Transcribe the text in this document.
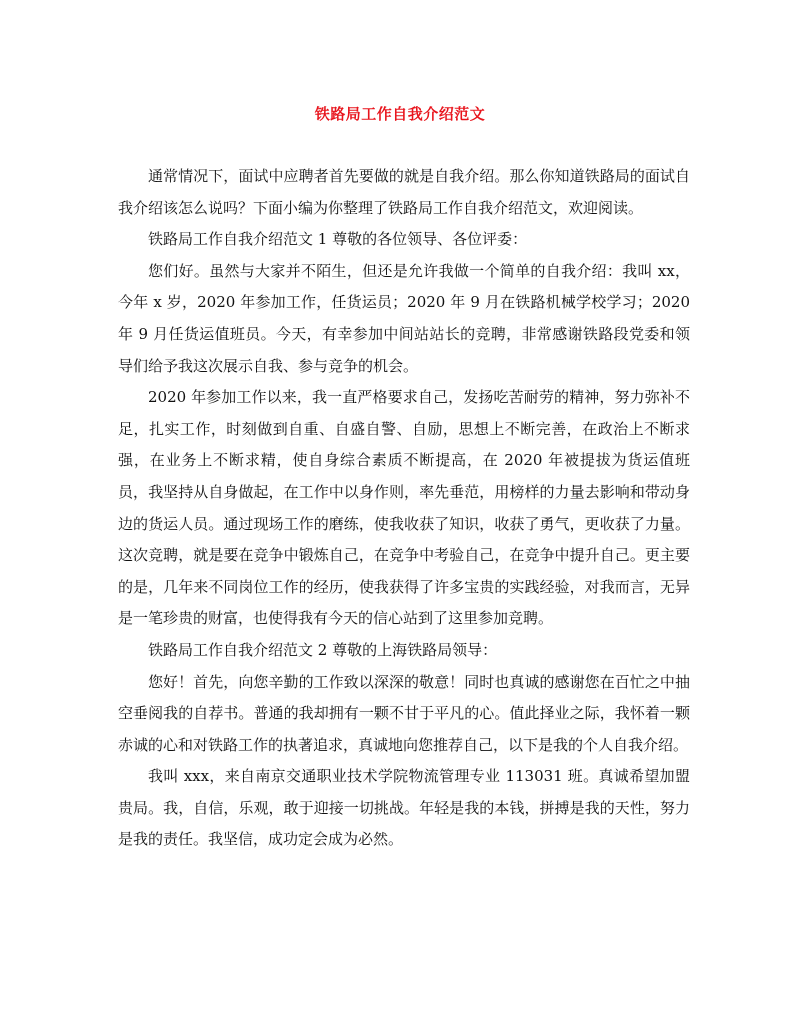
铁路局工作自我介绍范文

通常情况下，面试中应聘者首先要做的就是自我介绍。那么你知道铁路局的面试自我介绍该怎么说吗？下面小编为你整理了铁路局工作自我介绍范文，欢迎阅读。

铁路局工作自我介绍范文 1 尊敬的各位领导、各位评委：

您们好。虽然与大家并不陌生，但还是允许我做一个简单的自我介绍：我叫 xx，今年 x 岁，2020 年参加工作，任货运员；2020 年 9 月在铁路机械学校学习；2020 年 9 月任货运值班员。今天，有幸参加中间站站长的竞聘，非常感谢铁路段党委和领导们给予我这次展示自我、参与竞争的机会。

2020 年参加工作以来，我一直严格要求自己，发扬吃苦耐劳的精神，努力弥补不足，扎实工作，时刻做到自重、自盛自警、自励，思想上不断完善，在政治上不断求强，在业务上不断求精，使自身综合素质不断提高，在 2020 年被提拔为货运值班员，我坚持从自身做起，在工作中以身作则，率先垂范，用榜样的力量去影响和带动身边的货运人员。通过现场工作的磨练，使我收获了知识，收获了勇气，更收获了力量。这次竞聘，就是要在竞争中锻炼自己，在竞争中考验自己，在竞争中提升自己。更主要的是，几年来不同岗位工作的经历，使我获得了许多宝贵的实践经验，对我而言，无异是一笔珍贵的财富，也使得我有今天的信心站到了这里参加竞聘。

铁路局工作自我介绍范文 2 尊敬的上海铁路局领导：

您好！首先，向您辛勤的工作致以深深的敬意！同时也真诚的感谢您在百忙之中抽空垂阅我的自荐书。普通的我却拥有一颗不甘于平凡的心。值此择业之际，我怀着一颗赤诚的心和对铁路工作的执著追求，真诚地向您推荐自己，以下是我的个人自我介绍。

我叫 xxx，来自南京交通职业技术学院物流管理专业 113031 班。真诚希望加盟贵局。我，自信，乐观，敢于迎接一切挑战。年轻是我的本钱，拼搏是我的天性，努力是我的责任。我坚信，成功定会成为必然。
